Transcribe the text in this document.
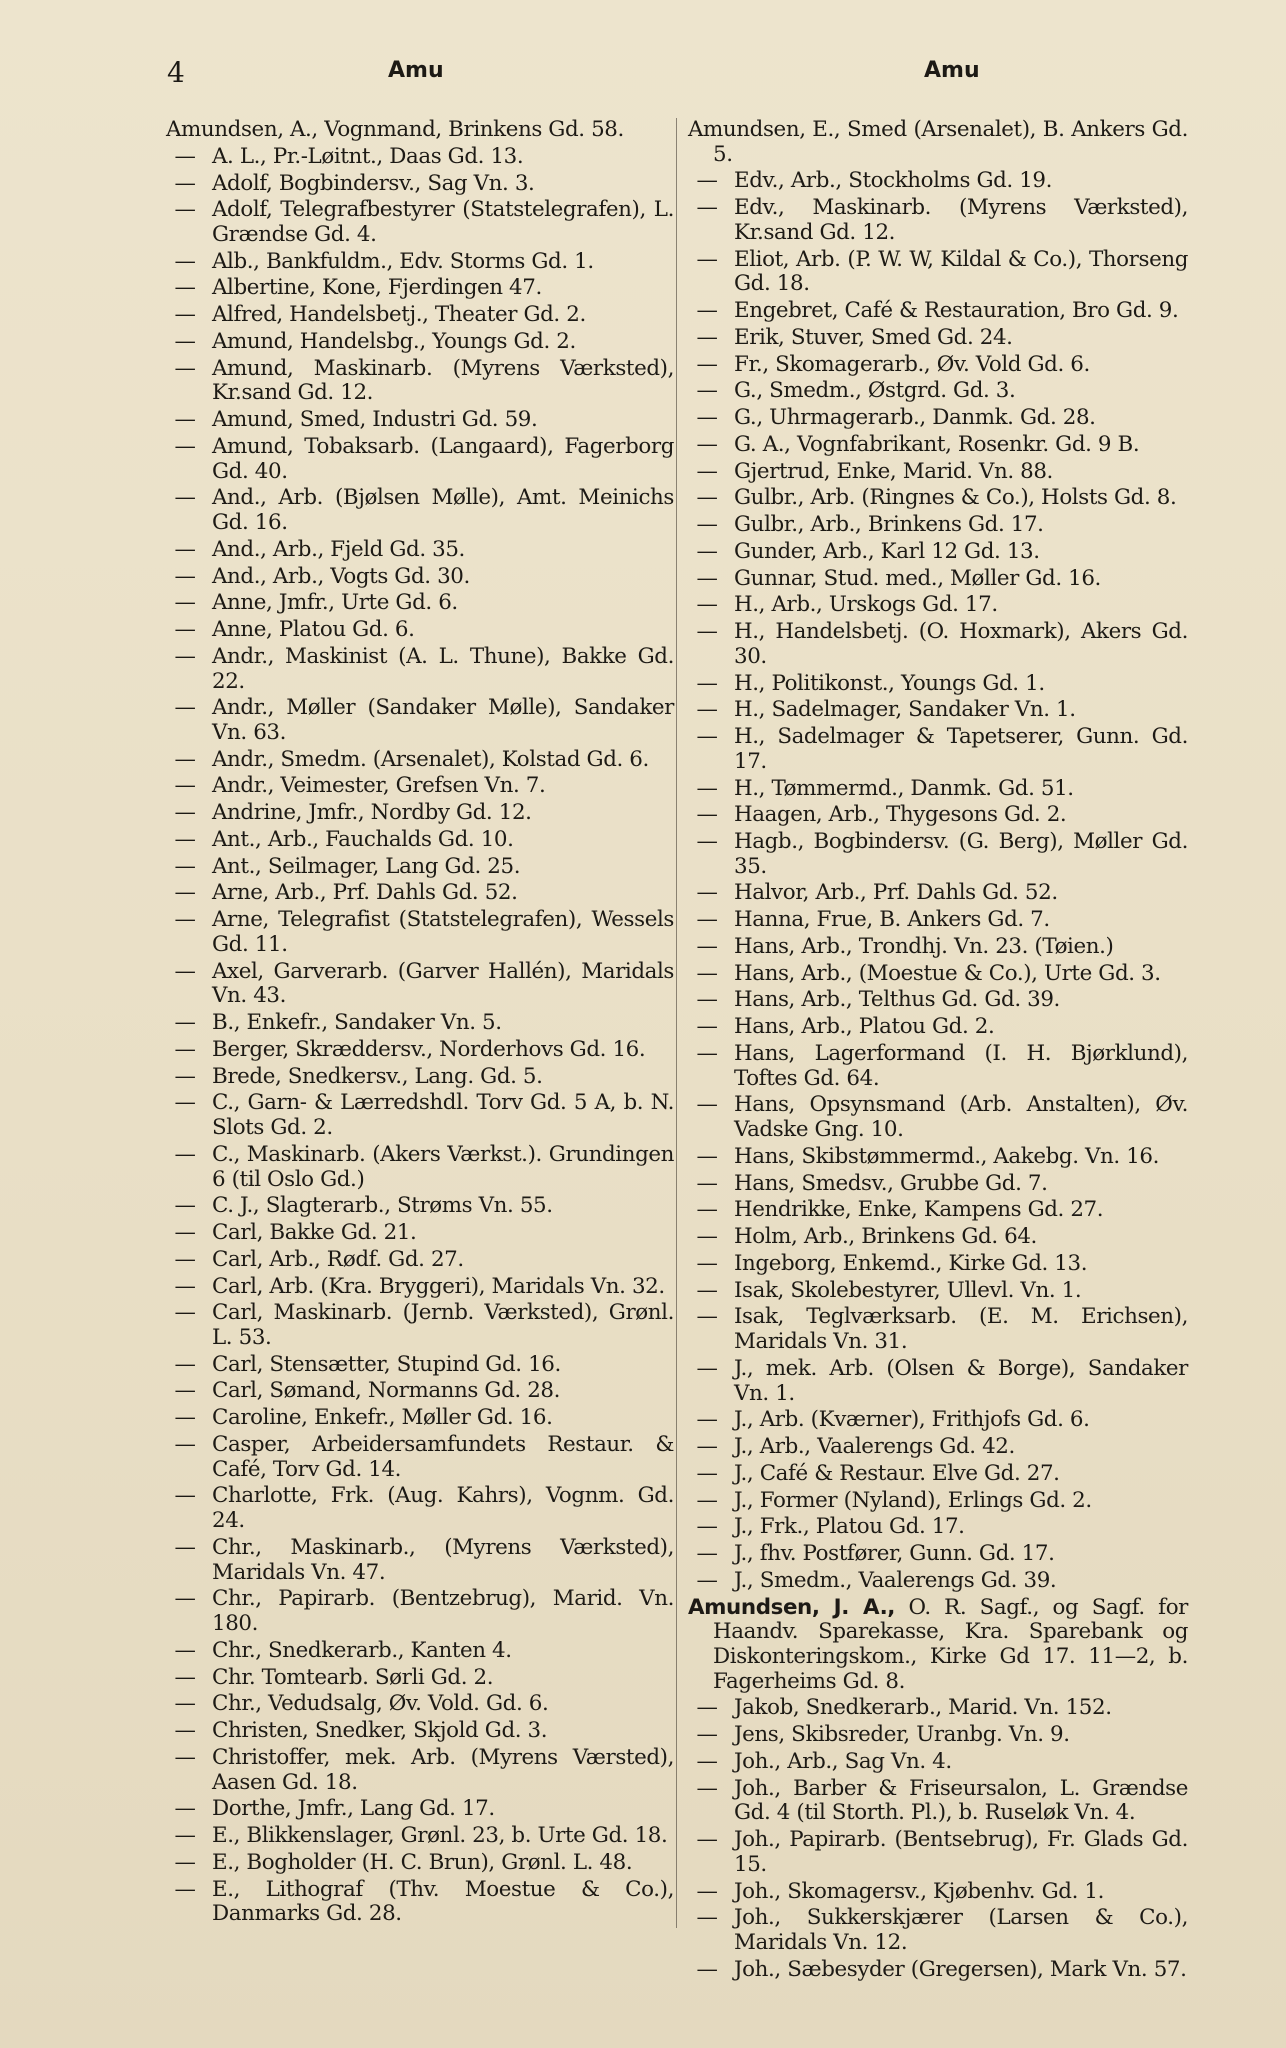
4	Amu	Amu
Amundsen, A., Vognmand, Brinkens Gd. 58.
— A. L., Pr.-Løitnt., Daas Gd. 13.
— Adolf, Bogbindersv., Sag Vn. 3.
— Adolf, Telegrafbestyrer (Statstelegrafen), L. Grændse Gd. 4.
— Alb., Bankfuldm., Edv. Storms Gd. 1.
— Albertine, Kone, Fjerdingen 47.
— Alfred, Handelsbetj., Theater Gd. 2.
— Amund, Handelsbg., Youngs Gd. 2.
— Amund, Maskinarb. (Myrens Værksted), Kr.sand Gd. 12.
— Amund, Smed, Industri Gd. 59.
— Amund, Tobaksarb. (Langaard), Fagerborg Gd. 40.
— And., Arb. (Bjølsen Mølle), Amt. Meinichs Gd. 16.
— And., Arb., Fjeld Gd. 35.
— And., Arb., Vogts Gd. 30.
— Anne, Jmfr., Urte Gd. 6.
— Anne, Platou Gd. 6.
— Andr., Maskinist (A. L. Thune), Bakke Gd. 22.
— Andr., Møller (Sandaker Mølle), Sandaker Vn. 63.
— Andr., Smedm. (Arsenalet), Kolstad Gd. 6.
— Andr., Veimester, Grefsen Vn. 7.
— Andrine, Jmfr., Nordby Gd. 12.
— Ant., Arb., Fauchalds Gd. 10.
— Ant., Seilmager, Lang Gd. 25.
— Arne, Arb., Prf. Dahls Gd. 52.
— Arne, Telegrafist (Statstelegrafen), Wessels Gd. 11.
— Axel, Garverarb. (Garver Hallén), Maridals Vn. 43.
— B., Enkefr., Sandaker Vn. 5.
— Berger, Skræddersv., Norderhovs Gd. 16.
— Brede, Snedkersv., Lang. Gd. 5.
— C., Garn- & Lærredshdl. Torv Gd. 5 A, b. N. Slots Gd. 2.
— C., Maskinarb. (Akers Værkst.). Grundingen 6 (til Oslo Gd.)
— C. J., Slagterarb., Strøms Vn. 55.
— Carl, Bakke Gd. 21.
— Carl, Arb., Rødf. Gd. 27.
— Carl, Arb. (Kra. Bryggeri), Maridals Vn. 32.
— Carl, Maskinarb. (Jernb. Værksted), Grønl. L. 53.
— Carl, Stensætter, Stupind Gd. 16.
— Carl, Sømand, Normanns Gd. 28.
— Caroline, Enkefr., Møller Gd. 16.
— Casper, Arbeidersamfundets Restaur. & Café, Torv Gd. 14.
— Charlotte, Frk. (Aug. Kahrs), Vognm. Gd. 24.
— Chr., Maskinarb., (Myrens Værksted), Maridals Vn. 47.
— Chr., Papirarb. (Bentzebrug), Marid. Vn. 180.
— Chr., Snedkerarb., Kanten 4.
— Chr. Tomtearb. Sørli Gd. 2.
— Chr., Vedudsalg, Øv. Vold. Gd. 6.
— Christen, Snedker, Skjold Gd. 3.
— Christoffer, mek. Arb. (Myrens Værsted), Aasen Gd. 18.
— Dorthe, Jmfr., Lang Gd. 17.
— E., Blikkenslager, Grønl. 23, b. Urte Gd. 18.
— E., Bogholder (H. C. Brun), Grønl. L. 48.
— E., Lithograf (Thv. Moestue & Co.), Danmarks Gd. 28.
Amundsen, E., Smed (Arsenalet), B. Ankers Gd. 5.
— Edv., Arb., Stockholms Gd. 19.
— Edv., Maskinarb. (Myrens Værksted), Kr.sand Gd. 12.
— Eliot, Arb. (P. W. W, Kildal & Co.), Thorseng Gd. 18.
— Engebret, Café & Restauration, Bro Gd. 9.
— Erik, Stuver, Smed Gd. 24.
— Fr., Skomagerarb., Øv. Vold Gd. 6.
— G., Smedm., Østgrd. Gd. 3.
— G., Uhrmagerarb., Danmk. Gd. 28.
— G. A., Vognfabrikant, Rosenkr. Gd. 9 B.
— Gjertrud, Enke, Marid. Vn. 88.
— Gulbr., Arb. (Ringnes & Co.), Holsts Gd. 8.
— Gulbr., Arb., Brinkens Gd. 17.
— Gunder, Arb., Karl 12 Gd. 13.
— Gunnar, Stud. med., Møller Gd. 16.
— H., Arb., Urskogs Gd. 17.
— H., Handelsbetj. (O. Hoxmark), Akers Gd. 30.
— H., Politikonst., Youngs Gd. 1.
— H., Sadelmager, Sandaker Vn. 1.
— H., Sadelmager & Tapetserer, Gunn. Gd. 17.
— H., Tømmermd., Danmk. Gd. 51.
— Haagen, Arb., Thygesons Gd. 2.
— Hagb., Bogbindersv. (G. Berg), Møller Gd. 35.
— Halvor, Arb., Prf. Dahls Gd. 52.
— Hanna, Frue, B. Ankers Gd. 7.
— Hans, Arb., Trondhj. Vn. 23. (Tøien.)
— Hans, Arb., (Moestue & Co.), Urte Gd. 3.
— Hans, Arb., Telthus Gd. Gd. 39.
— Hans, Arb., Platou Gd. 2.
— Hans, Lagerformand (I. H. Bjørklund), Toftes Gd. 64.
— Hans, Opsynsmand (Arb. Anstalten), Øv. Vadske Gng. 10.
— Hans, Skibstømmermd., Aakebg. Vn. 16.
— Hans, Smedsv., Grubbe Gd. 7.
— Hendrikke, Enke, Kampens Gd. 27.
— Holm, Arb., Brinkens Gd. 64.
— Ingeborg, Enkemd., Kirke Gd. 13.
— Isak, Skolebestyrer, Ullevl. Vn. 1.
— Isak, Teglværksarb. (E. M. Erichsen), Maridals Vn. 31.
— J., mek. Arb. (Olsen & Borge), Sandaker Vn. 1.
— J., Arb. (Kværner), Frithjofs Gd. 6.
— J., Arb., Vaalerengs Gd. 42.
— J., Café & Restaur. Elve Gd. 27.
— J., Former (Nyland), Erlings Gd. 2.
— J., Frk., Platou Gd. 17.
— J., fhv. Postfører, Gunn. Gd. 17.
— J., Smedm., Vaalerengs Gd. 39.
Amundsen, J. A., O. R. Sagf., og Sagf. for Haandv. Sparekasse, Kra. Sparebank og Diskonteringskom., Kirke Gd 17. 11—2, b. Fagerheims Gd. 8.
— Jakob, Snedkerarb., Marid. Vn. 152.
— Jens, Skibsreder, Uranbg. Vn. 9.
— Joh., Arb., Sag Vn. 4.
— Joh., Barber & Friseursalon, L. Grændse Gd. 4 (til Storth. Pl.), b. Ruseløk Vn. 4.
— Joh., Papirarb. (Bentsebrug), Fr. Glads Gd. 15.
— Joh., Skomagersv., Kjøbenhv. Gd. 1.
— Joh., Sukkerskjærer (Larsen & Co.), Maridals Vn. 12.
— Joh., Sæbesyder (Gregersen), Mark Vn. 57.
